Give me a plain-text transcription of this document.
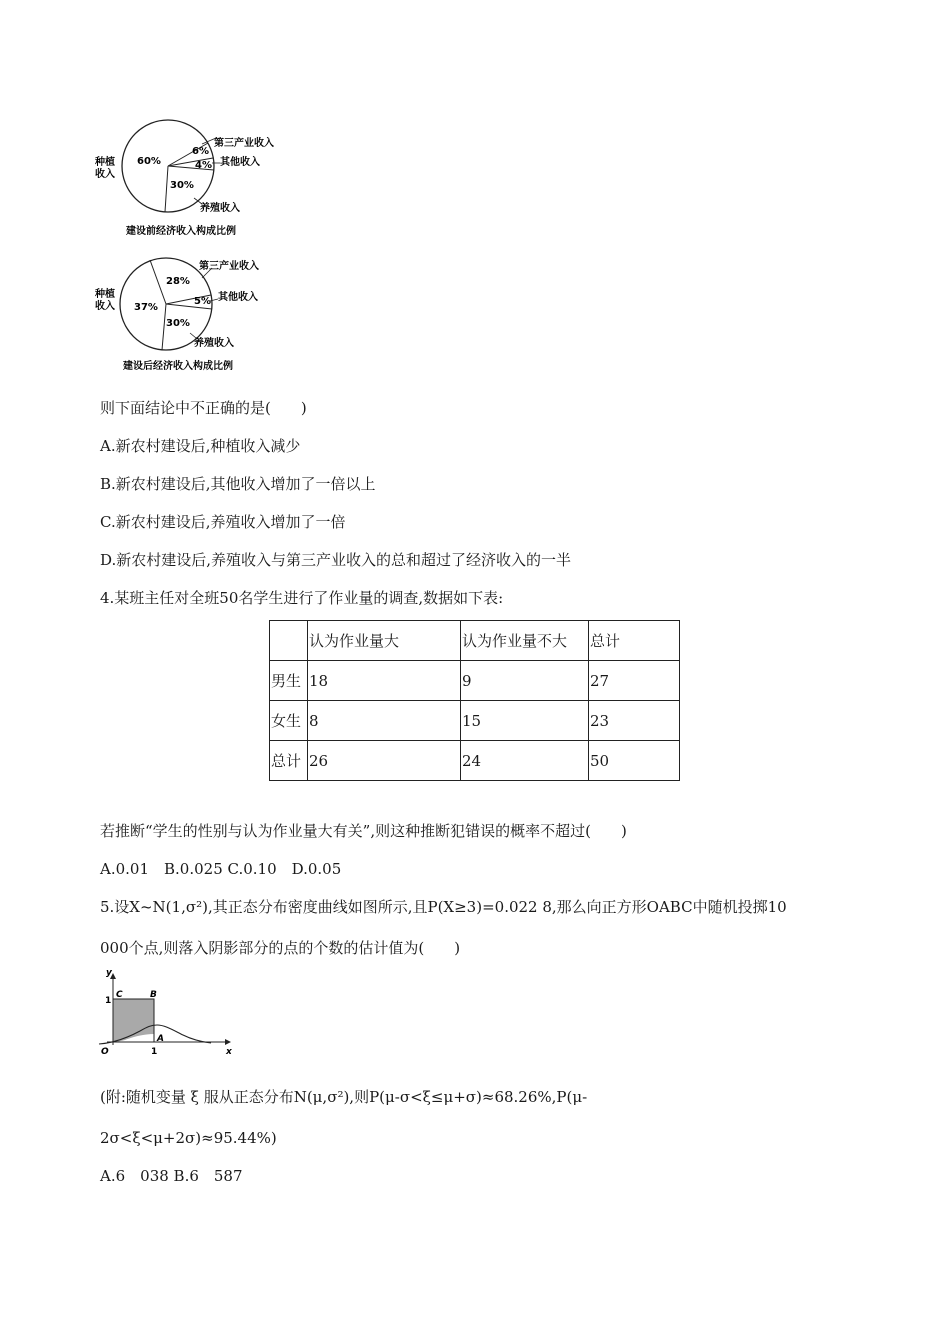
60%
6%
4%
30%
第三产业收入
其他收入
养殖收入
种植
收入
建设前经济收入构成比例
28%
37%
5%
30%
第三产业收入
其他收入
养殖收入
种植
收入
建设后经济收入构成比例
则下面结论中不正确的是(　　)
A.新农村建设后,种植收入减少
B.新农村建设后,其他收入增加了一倍以上
C.新农村建设后,养殖收入增加了一倍
D.新农村建设后,养殖收入与第三产业收入的总和超过了经济收入的一半
4.某班主任对全班50名学生进行了作业量的调查,数据如下表:
	认为作业量大	认为作业量不大	总计
男生	18	9	27
女生	8	15	23
总计	26	24	50
若推断“学生的性别与认为作业量大有关”,则这种推断犯错误的概率不超过(　　)
A.0.01　B.0.025 C.0.10　D.0.05
5.设X~N(1,σ²),其正态分布密度曲线如图所示,且P(X≥3)=0.022 8,那么向正方形OABC中随机投掷10
000个点,则落入阴影部分的点的个数的估计值为(　　)
y
1
C	B
O
A
1	x
(附:随机变量 ξ 服从正态分布N(μ,σ²),则P(μ-σ<ξ≤μ+σ)≈68.26%,P(μ-
2σ<ξ<μ+2σ)≈95.44%)
A.6　038 B.6　587
